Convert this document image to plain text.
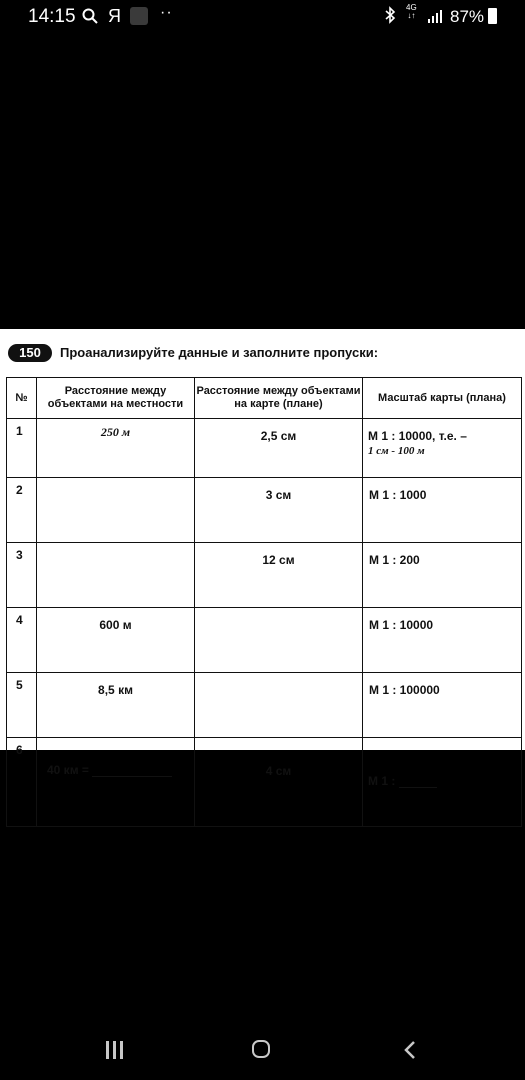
14:15 Я ··	4G
↓↑ 87%
150	Проанализируйте данные и заполните пропуски:
№	Расстояние между объектами на местности	Расстояние между объектами на карте (плане)	Масштаб карты (плана)
1	250 м	2,5 см	М 1 : 10000, т.е. –
1 см - 100 м

2		3 см	М 1 : 1000
3		12 см	М 1 : 200
4	600 м		М 1 : 10000
5	8,5 км		М 1 : 100000
6	40 км =	4 см	М 1 :
